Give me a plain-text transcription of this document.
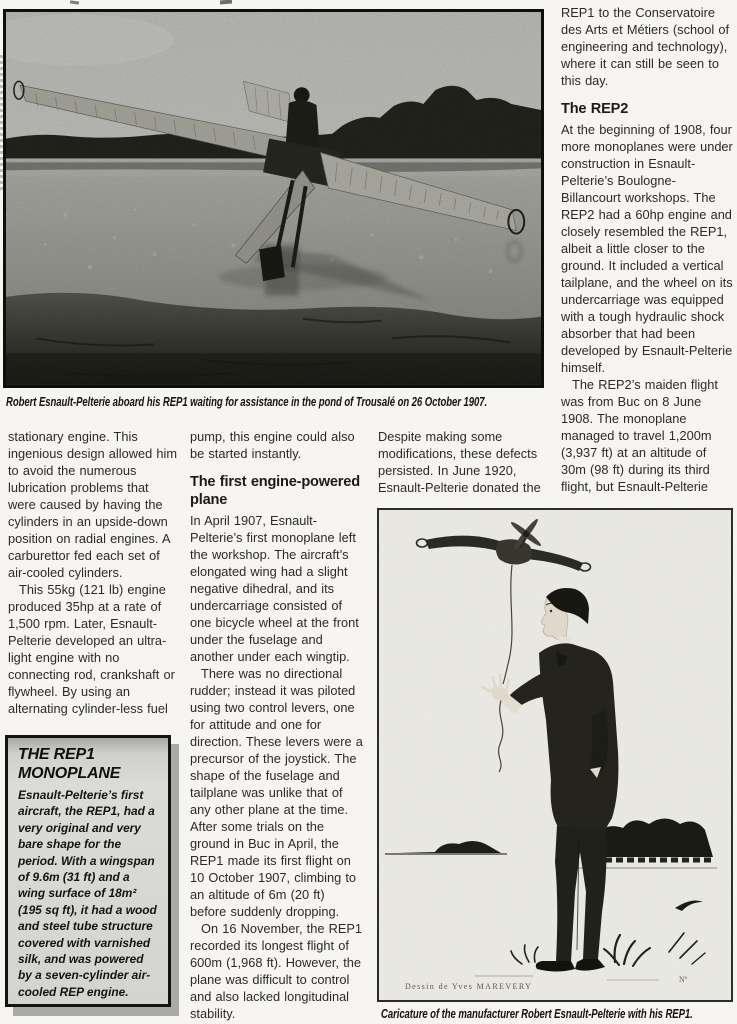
Robert Esnault-Pelterie aboard his REP1 waiting for assistance in the pond of Trousalé on 26 October 1907.

REP1 to the Conservatoire des Arts et Métiers (school of engineering and technology), where it can still be seen to this day.

The REP2

At the beginning of 1908, four more monoplanes were under construction in Esnault-Pelterie’s Boulogne-Billancourt workshops. The REP2 had a 60hp engine and closely resembled the REP1, albeit a little closer to the ground. It included a vertical tailplane, and the wheel on its undercarriage was equipped with a tough hydraulic shock absorber that had been developed by Esnault-Pelterie himself.

The REP2’s maiden flight was from Buc on 8 June 1908. The monoplane managed to travel 1,200m (3,937 ft) at an altitude of 30m (98 ft) during its third flight, but Esnault-Pelterie

stationary engine. This ingenious design allowed him to avoid the numerous lubrication problems that were caused by having the cylinders in an upside-down position on radial engines. A carburettor fed each set of air-cooled cylinders.

This 55kg (121 lb) engine produced 35hp at a rate of 1,500 rpm. Later, Esnault-Pelterie developed an ultra-light engine with no connecting rod, crankshaft or flywheel. By using an alternating cylinder-less fuel

pump, this engine could also be started instantly.

The first engine-powered plane

In April 1907, Esnault-Pelterie’s first monoplane left the workshop. The aircraft’s elongated wing had a slight negative dihedral, and its undercarriage consisted of one bicycle wheel at the front under the fuselage and another under each wingtip.

There was no directional rudder; instead it was piloted using two control levers, one for attitude and one for direction. These levers were a precursor of the joystick. The shape of the fuselage and tailplane was unlike that of any other plane at the time. After some trials on the ground in Buc in April, the REP1 made its first flight on 10 October 1907, climbing to an altitude of 6m (20 ft) before suddenly dropping.

On 16 November, the REP1 recorded its longest flight of 600m (1,968 ft). However, the plane was difficult to control and also lacked longitudinal stability.

Despite making some modifications, these defects persisted. In June 1920, Esnault-Pelterie donated the

THE REP1 MONOPLANE

Esnault-Pelterie’s first aircraft, the REP1, had a very original and very bare shape for the period. With a wingspan of 9.6m (31 ft) and a wing surface of 18m² (195 sq ft), it had a wood and steel tube structure covered with varnished silk, and was powered by a seven-cylinder air-cooled REP engine.	Dessin de Yves MAREVERY
Nº
Caricature of the manufacturer Robert Esnault-Pelterie with his REP1.
